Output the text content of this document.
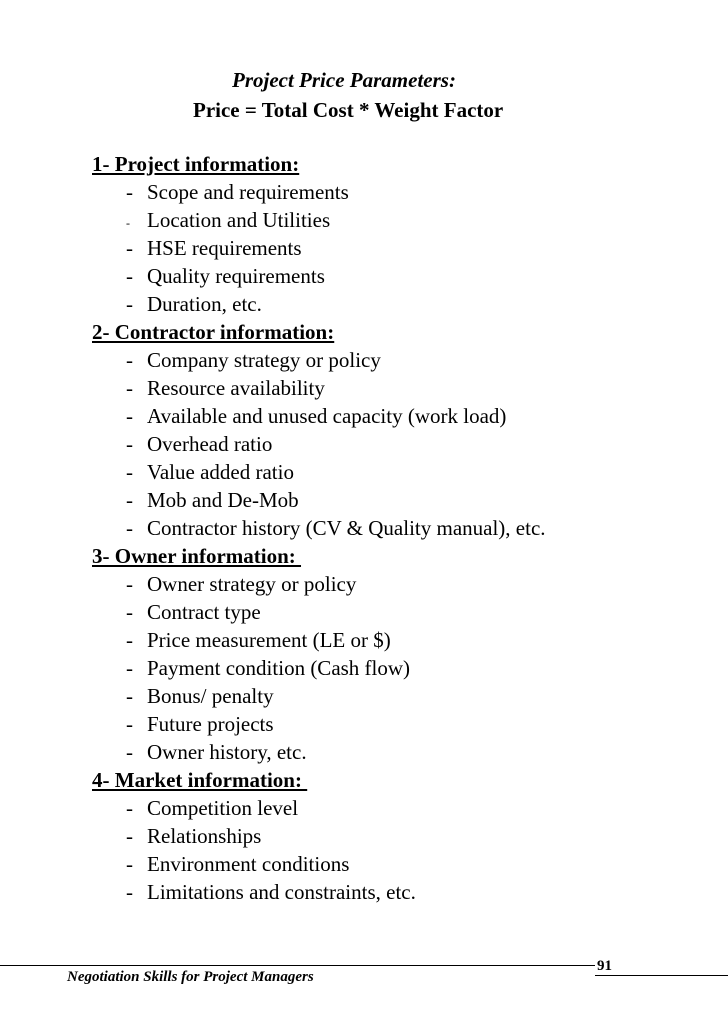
Project Price Parameters:
Price = Total Cost * Weight Factor
1- Project information:
- Scope and requirements
- Location and Utilities
- HSE requirements
- Quality requirements
- Duration, etc.
2- Contractor information:
- Company strategy or policy
- Resource availability
- Available and unused capacity (work load)
- Overhead ratio
- Value added ratio
- Mob and De-Mob
- Contractor history (CV & Quality manual), etc.
3- Owner information:
- Owner strategy or policy
- Contract type
- Price measurement (LE or $)
- Payment condition (Cash flow)
- Bonus/ penalty
- Future projects
- Owner history, etc.
4- Market information:
- Competition level
- Relationships
- Environment conditions
- Limitations and constraints, etc.
Negotiation Skills for Project Managers
91
